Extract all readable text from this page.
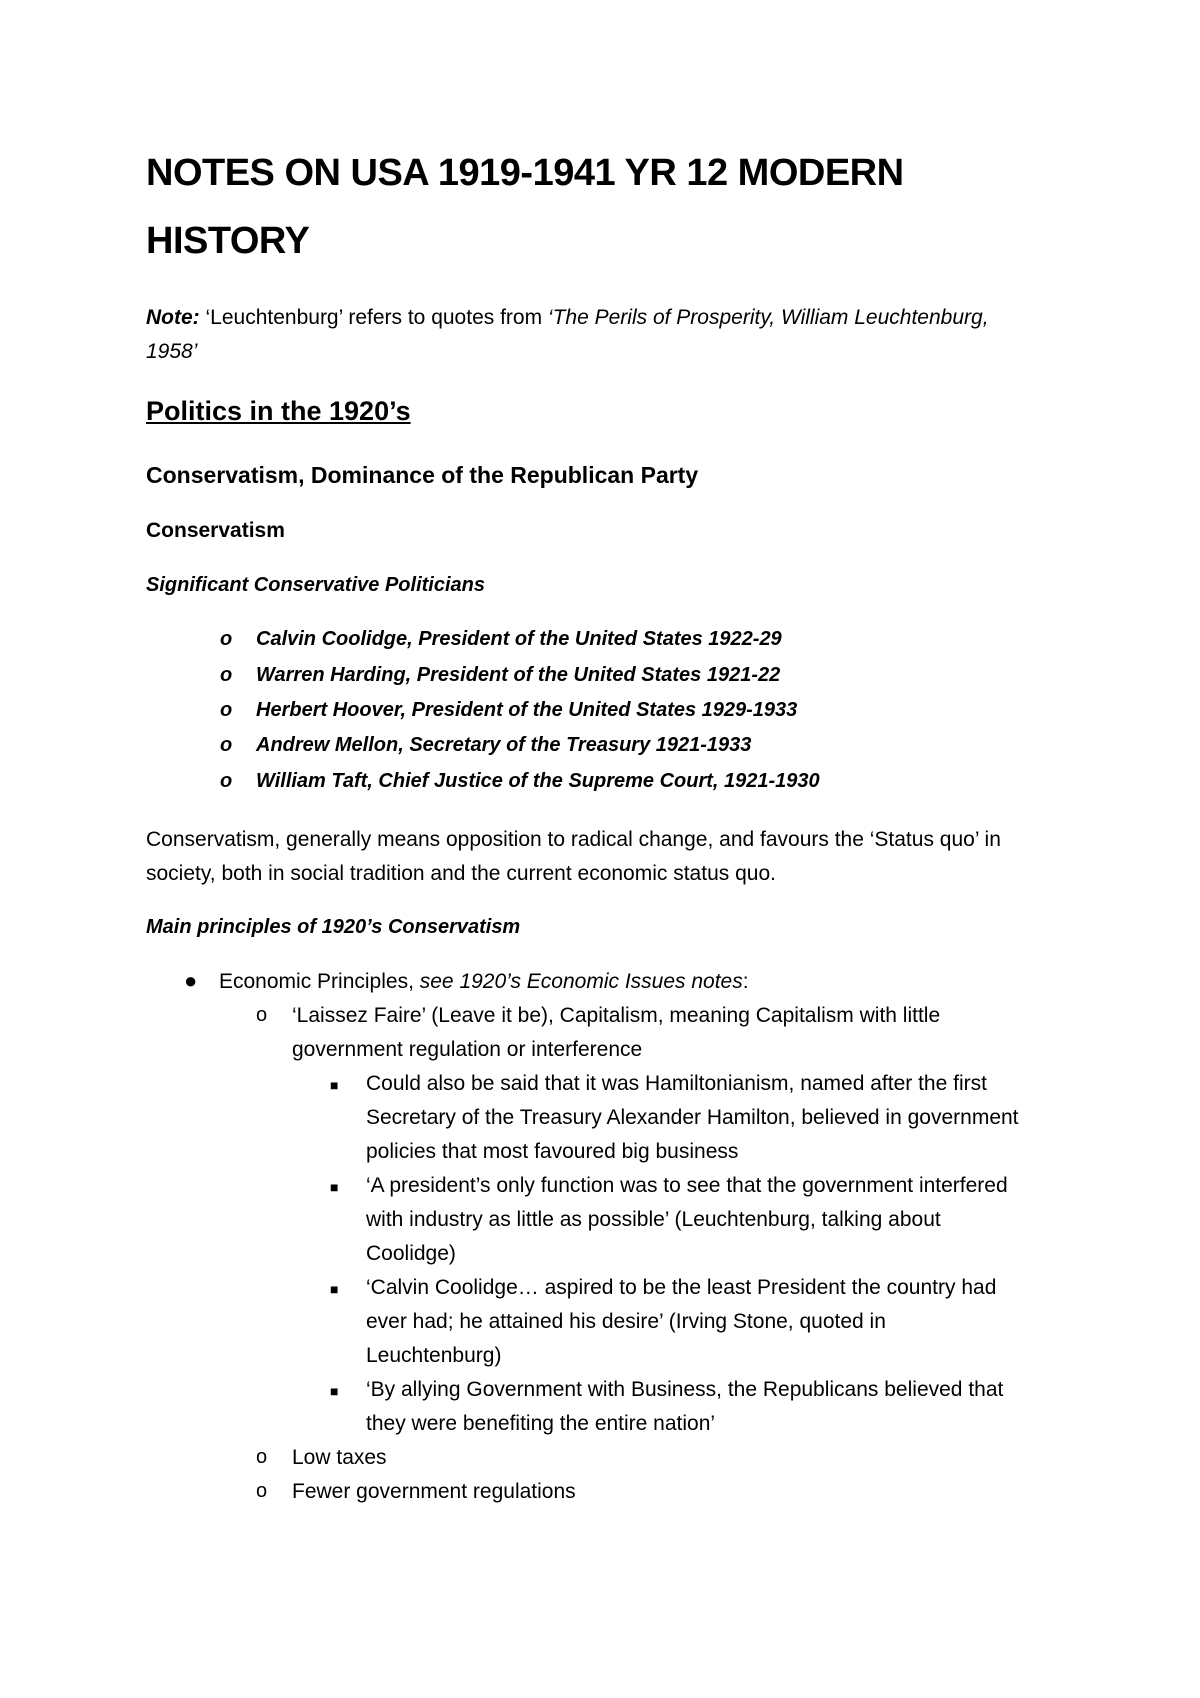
NOTES ON USA 1919-1941 YR 12 MODERN
HISTORY

Note: ‘Leuchtenburg’ refers to quotes from ‘The Perils of Prosperity, William Leuchtenburg,

1958’

Politics in the 1920’s
Conservatism, Dominance of the Republican Party
Conservatism
Significant Conservative Politicians
o Calvin Coolidge, President of the United States 1922-29
o Warren Harding, President of the United States 1921-22
o Herbert Hoover, President of the United States 1929-1933
o Andrew Mellon, Secretary of the Treasury 1921-1933
o William Taft, Chief Justice of the Supreme Court, 1921-1930

Conservatism, generally means opposition to radical change, and favours the ‘Status quo’ in

society, both in social tradition and the current economic status quo.

Main principles of 1920’s Conservatism
● Economic Principles, see 1920’s Economic Issues notes:

o ‘Laissez Faire’ (Leave it be), Capitalism, meaning Capitalism with little

government regulation or interference

■ Could also be said that it was Hamiltonianism, named after the first

Secretary of the Treasury Alexander Hamilton, believed in government

policies that most favoured big business

■ ‘A president’s only function was to see that the government interfered

with industry as little as possible’ (Leuchtenburg, talking about

Coolidge)

■ ‘Calvin Coolidge… aspired to be the least President the country had

ever had; he attained his desire’ (Irving Stone, quoted in

Leuchtenburg)

■ ‘By allying Government with Business, the Republicans believed that

they were benefiting the entire nation’

o Low taxes

o Fewer government regulations
